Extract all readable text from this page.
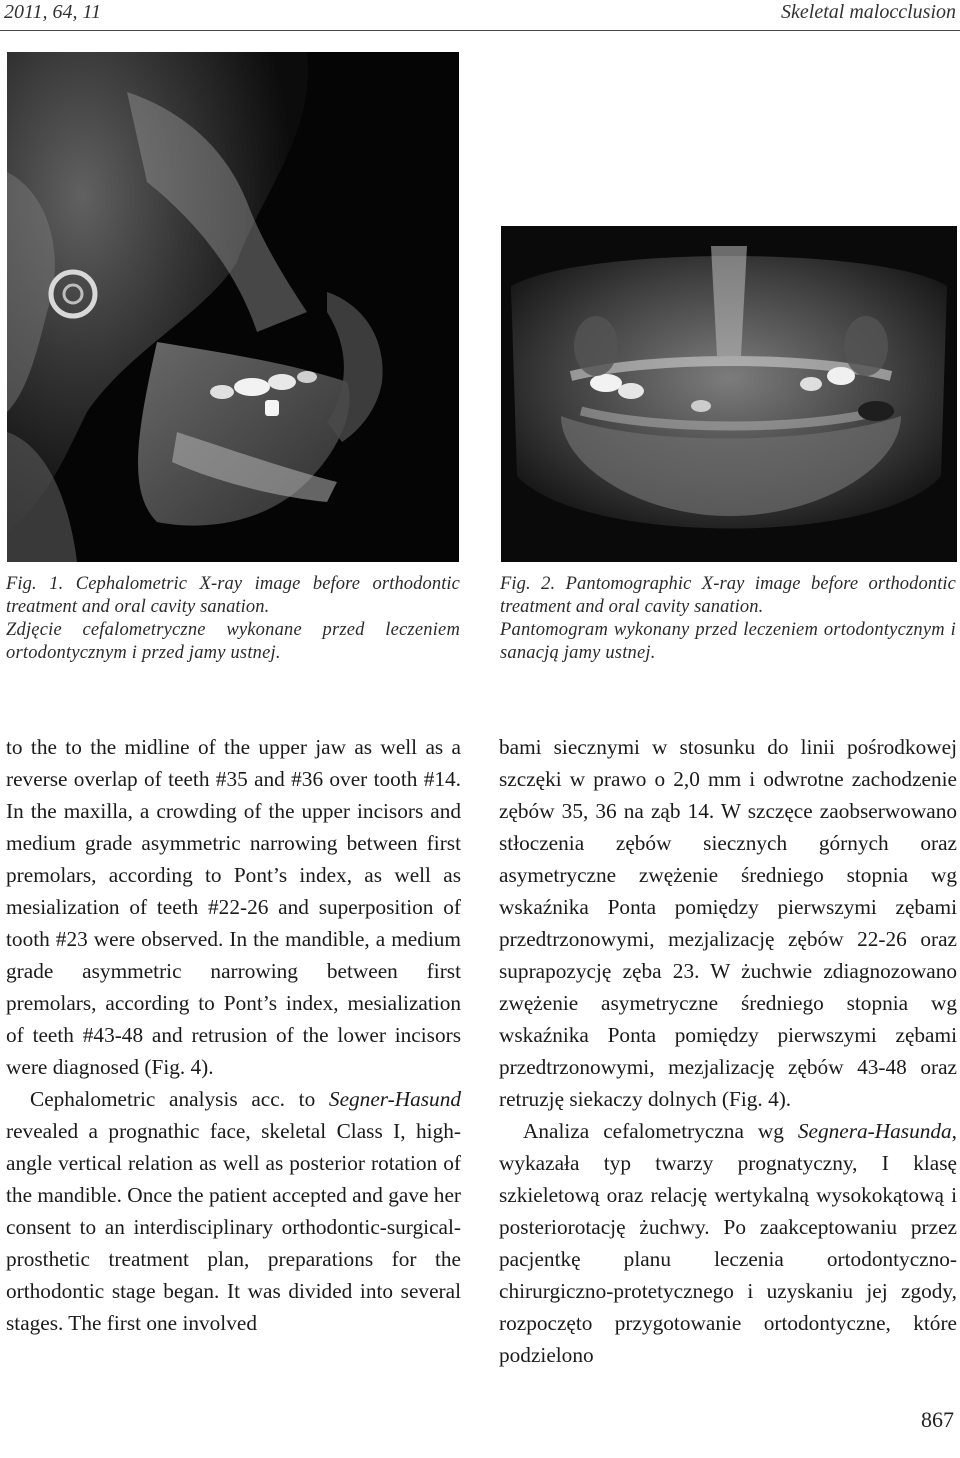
2011, 64, 11	Skeletal malocclusion

Fig. 1. Cephalometric X-ray image before orthodontic treatment and oral cavity sanation.

Zdjęcie cefalometryczne wykonane przed leczeniem ortodontycznym i przed jamy ustnej.

Fig. 2. Pantomographic X-ray image before orthodontic treatment and oral cavity sanation.

Pantomogram wykonany przed leczeniem ortodontycznym i sanacją jamy ustnej.

to the to the midline of the upper jaw as well as a reverse overlap of teeth #35 and #36 over tooth #14. In the maxilla, a crowding of the upper incisors and medium grade asymmetric narrowing between first premolars, according to Pont’s index, as well as mesialization of teeth #22-26 and superposition of tooth #23 were observed. In the mandible, a medium grade asymmetric narrowing between first premolars, according to Pont’s index, mesialization of teeth #43-48 and retrusion of the lower incisors were diagnosed (Fig. 4).

Cephalometric analysis acc. to Segner-Hasund revealed a prognathic face, skeletal Class I, high-angle vertical relation as well as posterior rotation of the mandible. Once the patient accepted and gave her consent to an interdisciplinary orthodontic-surgical-prosthetic treatment plan, preparations for the orthodontic stage began. It was divided into several stages. The first one involved

bami siecznymi w stosunku do linii pośrodkowej szczęki w prawo o 2,0 mm i odwrotne zachodzenie zębów 35, 36 na ząb 14. W szczęce zaobserwowano stłoczenia zębów siecznych górnych oraz asymetryczne zwężenie średniego stopnia wg wskaźnika Ponta pomiędzy pierwszymi zębami przedtrzonowymi, mezjalizację zębów 22-26 oraz suprapozycję zęba 23. W żuchwie zdiagnozowano zwężenie asymetryczne średniego stopnia wg wskaźnika Ponta pomiędzy pierwszymi zębami przedtrzonowymi, mezjalizację zębów 43-48 oraz retruzję siekaczy dolnych (Fig. 4).

Analiza cefalometryczna wg Segnera-Hasunda, wykazała typ twarzy prognatyczny, I klasę szkieletową oraz relację wertykalną wysokokątową i posteriorotację żuchwy. Po zaakceptowaniu przez pacjentkę planu leczenia ortodontyczno-chirurgiczno-protetycznego i uzyskaniu jej zgody, rozpoczęto przygotowanie ortodontyczne, które podzielono

867
